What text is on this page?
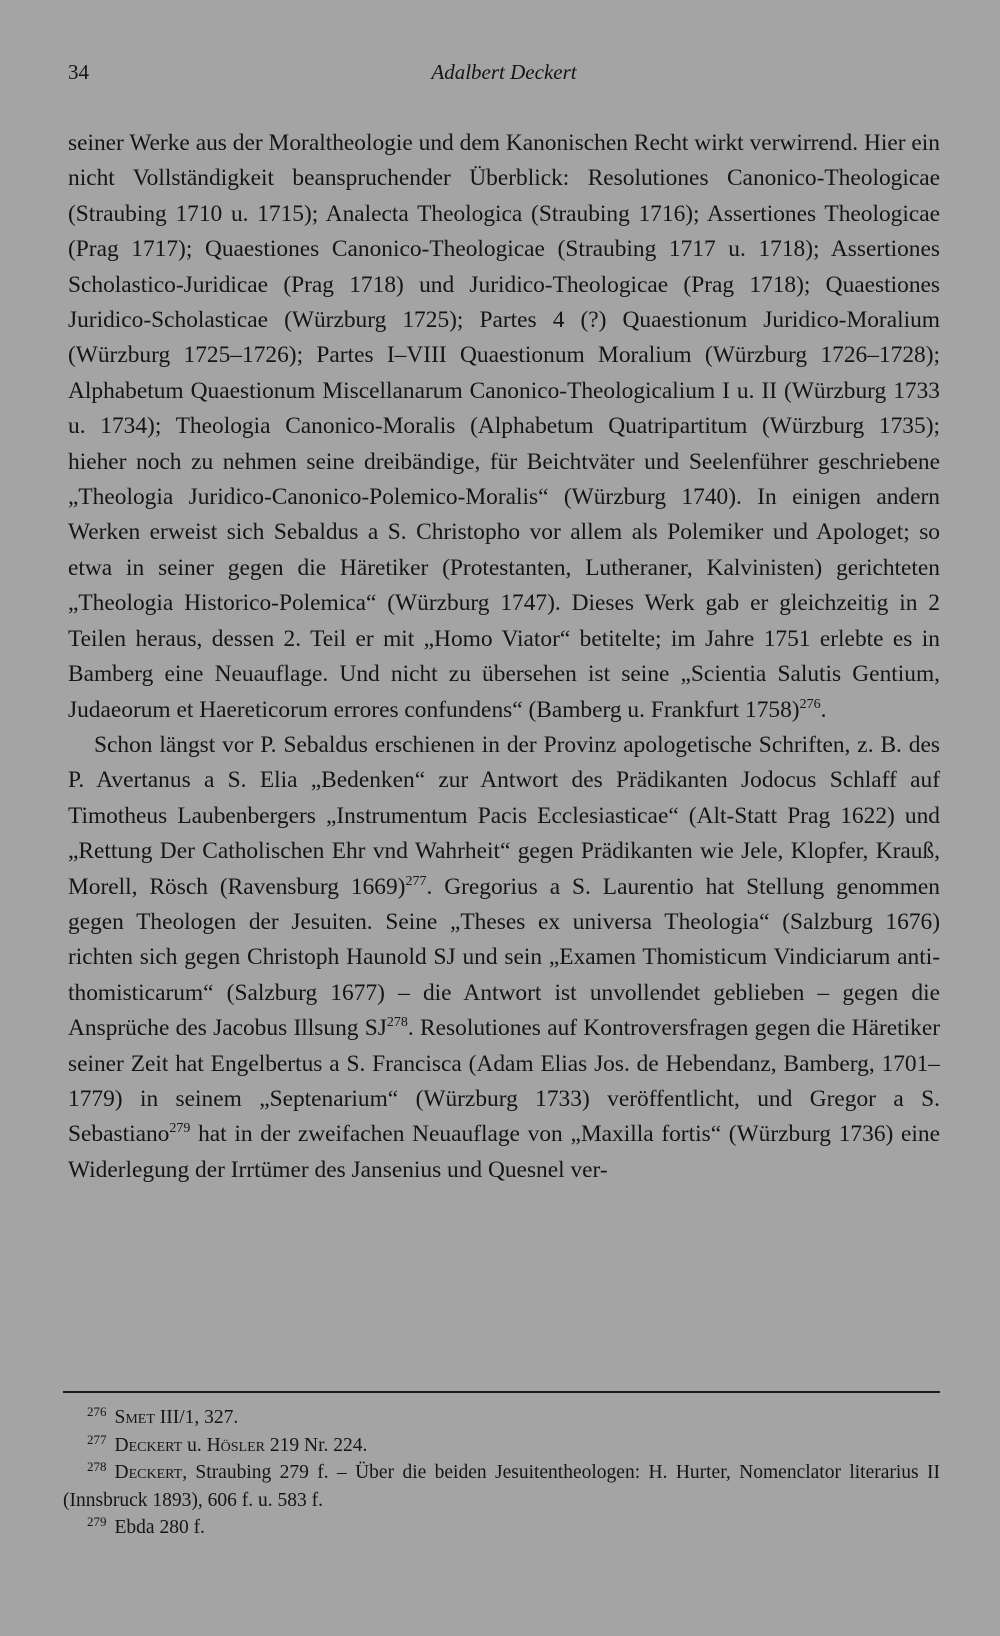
34	Adalbert Deckert

seiner Werke aus der Moraltheologie und dem Kanonischen Recht wirkt verwirrend. Hier ein nicht Vollständigkeit beanspruchender Überblick: Resolutiones Canonico-Theologicae (Straubing 1710 u. 1715); Analecta Theologica (Straubing 1716); Assertiones Theologicae (Prag 1717); Quaestiones Canonico-Theologicae (Straubing 1717 u. 1718); Assertiones Scholastico-Juridicae (Prag 1718) und Juridico-Theologicae (Prag 1718); Quaestiones Juridico-Scholasticae (Würzburg 1725); Partes 4 (?) Quaestionum Juridico-Moralium (Würzburg 1725–1726); Partes I–VIII Quaestionum Moralium (Würzburg 1726–1728); Alphabetum Quaestionum Miscellanarum Canonico-Theologicalium I u. II (Würzburg 1733 u. 1734); Theologia Canonico-Moralis (Alphabetum Quatripartitum (Würzburg 1735); hieher noch zu nehmen seine dreibändige, für Beichtväter und Seelenführer geschriebene „Theologia Juridico-Canonico-Polemico-Moralis“ (Würzburg 1740). In einigen andern Werken erweist sich Sebaldus a S. Christopho vor allem als Polemiker und Apologet; so etwa in seiner gegen die Häretiker (Protestanten, Lutheraner, Kalvinisten) gerichteten „Theologia Historico-Polemica“ (Würzburg 1747). Dieses Werk gab er gleichzeitig in 2 Teilen heraus, dessen 2. Teil er mit „Homo Viator“ betitelte; im Jahre 1751 erlebte es in Bamberg eine Neuauflage. Und nicht zu übersehen ist seine „Scientia Salutis Gentium, Judaeorum et Haereticorum errores confundens“ (Bamberg u. Frankfurt 1758)$^{276}$.

Schon längst vor P. Sebaldus erschienen in der Provinz apologetische Schriften, z. B. des P. Avertanus a S. Elia „Bedenken“ zur Antwort des Prädikanten Jodocus Schlaff auf Timotheus Laubenbergers „Instrumentum Pacis Ecclesiasticae“ (Alt-Statt Prag 1622) und „Rettung Der Catholischen Ehr vnd Wahrheit“ gegen Prädikanten wie Jele, Klopfer, Krauß, Morell, Rösch (Ravensburg 1669)$^{277}$. Gregorius a S. Laurentio hat Stellung genommen gegen Theologen der Jesuiten. Seine „Theses ex universa Theologia“ (Salzburg 1676) richten sich gegen Christoph Haunold SJ und sein „Examen Thomisticum Vindiciarum anti-thomisticarum“ (Salzburg 1677) – die Antwort ist unvollendet geblieben – gegen die Ansprüche des Jacobus Illsung SJ$^{278}$. Resolutiones auf Kontroversfragen gegen die Häretiker seiner Zeit hat Engelbertus a S. Francisca (Adam Elias Jos. de Hebendanz, Bamberg, 1701–1779) in seinem „Septenarium“ (Würzburg 1733) veröffentlicht, und Gregor a S. Sebastiano$^{279}$ hat in der zweifachen Neuauflage von „Maxilla fortis“ (Würzburg 1736) eine Widerlegung der Irrtümer des Jansenius und Quesnel ver-

$^{276}$ Smet III/1, 327.

$^{277}$ Deckert u. Hösler 219 Nr. 224.

$^{278}$ Deckert, Straubing 279 f. – Über die beiden Jesuitentheologen: H. Hurter, Nomenclator literarius II (Innsbruck 1893), 606 f. u. 583 f.

$^{279}$ Ebda 280 f.
